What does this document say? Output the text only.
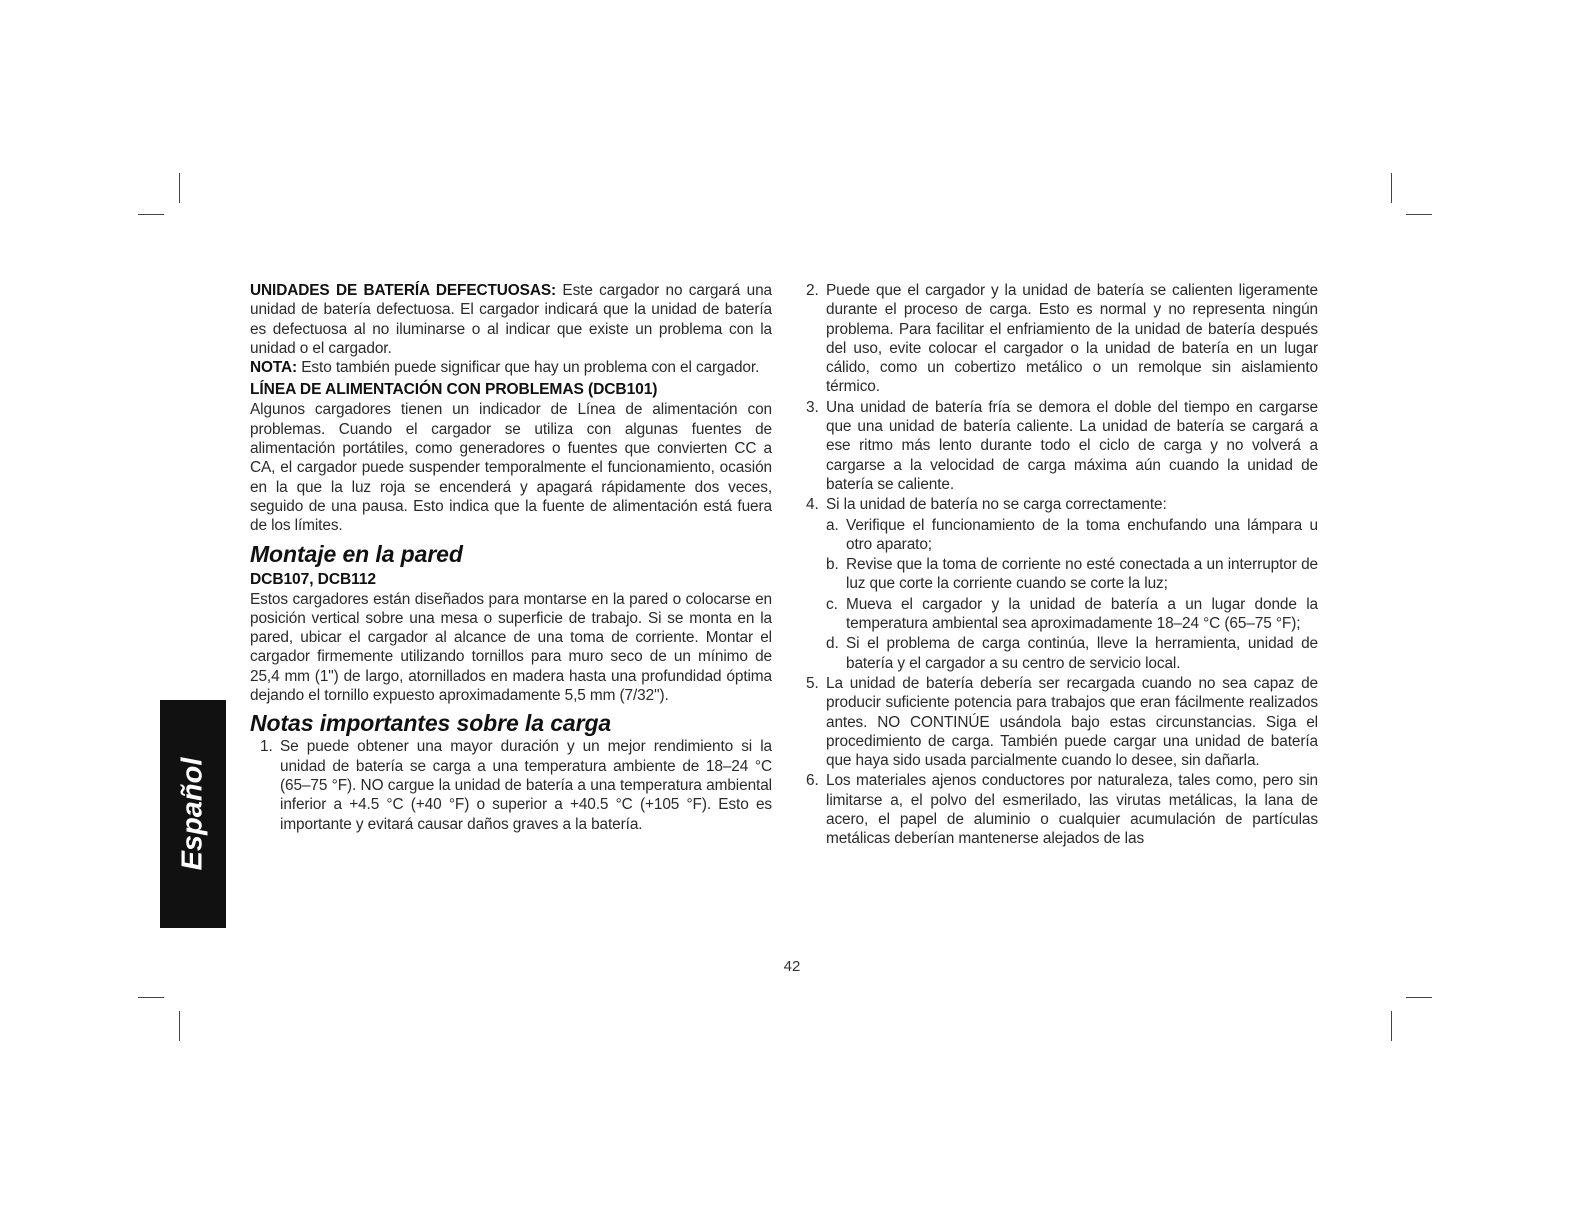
Español

UNIDADES DE BATERÍA DEFECTUOSAS: Este cargador no cargará una unidad de batería defectuosa. El cargador indicará que la unidad de batería es defectuosa al no iluminarse o al indicar que existe un problema con la unidad o el cargador.

NOTA: Esto también puede significar que hay un problema con el cargador.

LÍNEA DE ALIMENTACIÓN CON PROBLEMAS (DCB101)

Algunos cargadores tienen un indicador de Línea de alimentación con problemas. Cuando el cargador se utiliza con algunas fuentes de alimentación portátiles, como generadores o fuentes que convierten CC a CA, el cargador puede suspender temporalmente el funcionamiento, ocasión en la que la luz roja se encenderá y apagará rápidamente dos veces, seguido de una pausa. Esto indica que la fuente de alimentación está fuera de los límites.

Montaje en la pared
DCB107, DCB112

Estos cargadores están diseñados para montarse en la pared o colocarse en posición vertical sobre una mesa o superficie de trabajo. Si se monta en la pared, ubicar el cargador al alcance de una toma de corriente. Montar el cargador firmemente utilizando tornillos para muro seco de un mínimo de 25,4 mm (1") de largo, atornillados en madera hasta una profundidad óptima dejando el tornillo expuesto aproximadamente 5,5 mm (7/32").

Notas importantes sobre la carga
1. Se puede obtener una mayor duración y un mejor rendimiento si la unidad de batería se carga a una temperatura ambiente de 18–24 °C (65–75 °F). NO cargue la unidad de batería a una temperatura ambiental inferior a +4.5 °C (+40 °F) o superior a +40.5 °C (+105 °F). Esto es importante y evitará causar daños graves a la batería.
2. Puede que el cargador y la unidad de batería se calienten ligeramente durante el proceso de carga. Esto es normal y no representa ningún problema. Para facilitar el enfriamiento de la unidad de batería después del uso, evite colocar el cargador o la unidad de batería en un lugar cálido, como un cobertizo metálico o un remolque sin aislamiento térmico.
3. Una unidad de batería fría se demora el doble del tiempo en cargarse que una unidad de batería caliente. La unidad de batería se cargará a ese ritmo más lento durante todo el ciclo de carga y no volverá a cargarse a la velocidad de carga máxima aún cuando la unidad de batería se caliente.
4. Si la unidad de batería no se carga correctamente:
a. Verifique el funcionamiento de la toma enchufando una lámpara u otro aparato;
b. Revise que la toma de corriente no esté conectada a un interruptor de luz que corte la corriente cuando se corte la luz;
c. Mueva el cargador y la unidad de batería a un lugar donde la temperatura ambiental sea aproximadamente 18–24 °C (65–75 °F);
d. Si el problema de carga continúa, lleve la herramienta, unidad de batería y el cargador a su centro de servicio local.
5. La unidad de batería debería ser recargada cuando no sea capaz de producir suficiente potencia para trabajos que eran fácilmente realizados antes. NO CONTINÚE usándola bajo estas circunstancias. Siga el procedimiento de carga. También puede cargar una unidad de batería que haya sido usada parcialmente cuando lo desee, sin dañarla.
6. Los materiales ajenos conductores por naturaleza, tales como, pero sin limitarse a, el polvo del esmerilado, las virutas metálicas, la lana de acero, el papel de aluminio o cualquier acumulación de partículas metálicas deberían mantenerse alejados de las
42
